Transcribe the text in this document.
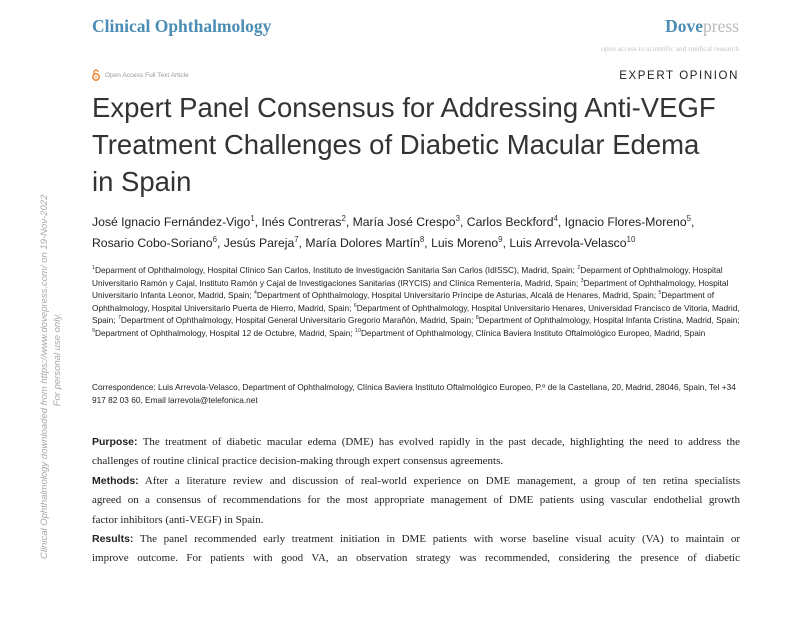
Clinical Ophthalmology	Dovepress
open access to scientific and medical research
Open Access Full Text Article	EXPERT OPINION
Expert Panel Consensus for Addressing Anti-VEGF
Treatment Challenges of Diabetic Macular Edema
in Spain
José Ignacio Fernández-Vigo$^1$, Inés Contreras$^2$, María José Crespo$^3$, Carlos Beckford$^4$, Ignacio Flores-Moreno$^5$,
Rosario Cobo-Soriano$^6$, Jesús Pareja$^7$, María Dolores Martín$^8$, Luis Moreno$^9$, Luis Arrevola-Velasco$^{10}$
$^1$Deparment of Ophthalmology, Hospital Clínico San Carlos, Instituto de Investigación Sanitaria San Carlos (IdISSC), Madrid, Spain; $^2$Deparment of Ophthalmology, Hospital Universitario Ramón y Cajal, Instituto Ramón y Cajal de Investigaciones Sanitarias (IRYCIS) and Clínica Rementería, Madrid, Spain; $^3$Department of Ophthalmology, Hospital Universitario Infanta Leonor, Madrid, Spain; $^4$Department of Ophthalmology, Hospital Universitario Príncipe de Asturias, Alcalá de Henares, Madrid, Spain; $^5$Department of Ophthalmology, Hospital Universitario Puerta de Hierro, Madrid, Spain; $^6$Department of Ophthalmology, Hospital Universitario Henares, Universidad Francisco de Vitoria, Madrid, Spain; $^7$Department of Ophthalmology, Hospital General Universitario Gregorio Marañón, Madrid, Spain; $^8$Department of Ophthalmology, Hospital Infanta Cristina, Madrid, Spain; $^9$Department of Ophthalmology, Hospital 12 de Octubre, Madrid, Spain; $^{10}$Department of Ophthalmology, Clínica Baviera Instituto Oftalmológico Europeo, Madrid, Spain
Correspondence: Luis Arrevola-Velasco, Department of Ophthalmology, Clínica Baviera Instituto Oftalmológico Europeo, P.º de la Castellana, 20, Madrid, 28046, Spain, Tel +34 917 82 03 60, Email larrevola@telefonica.net
Purpose: The treatment of diabetic macular edema (DME) has evolved rapidly in the past decade, highlighting the need to address the
challenges of routine clinical practice decision-making through expert consensus agreements.
Methods: After a literature review and discussion of real-world experience on DME management, a group of ten retina specialists
agreed on a consensus of recommendations for the most appropriate management of DME patients using vascular endothelial growth
factor inhibitors (anti-VEGF) in Spain.
Results: The panel recommended early treatment initiation in DME patients with worse baseline visual acuity (VA) to maintain or
improve outcome. For patients with good VA, an observation strategy was recommended, considering the presence of diabetic
Clinical Ophthalmology downloaded from https://www.dovepress.com/ on 19-Nov-2022 For personal use only.
